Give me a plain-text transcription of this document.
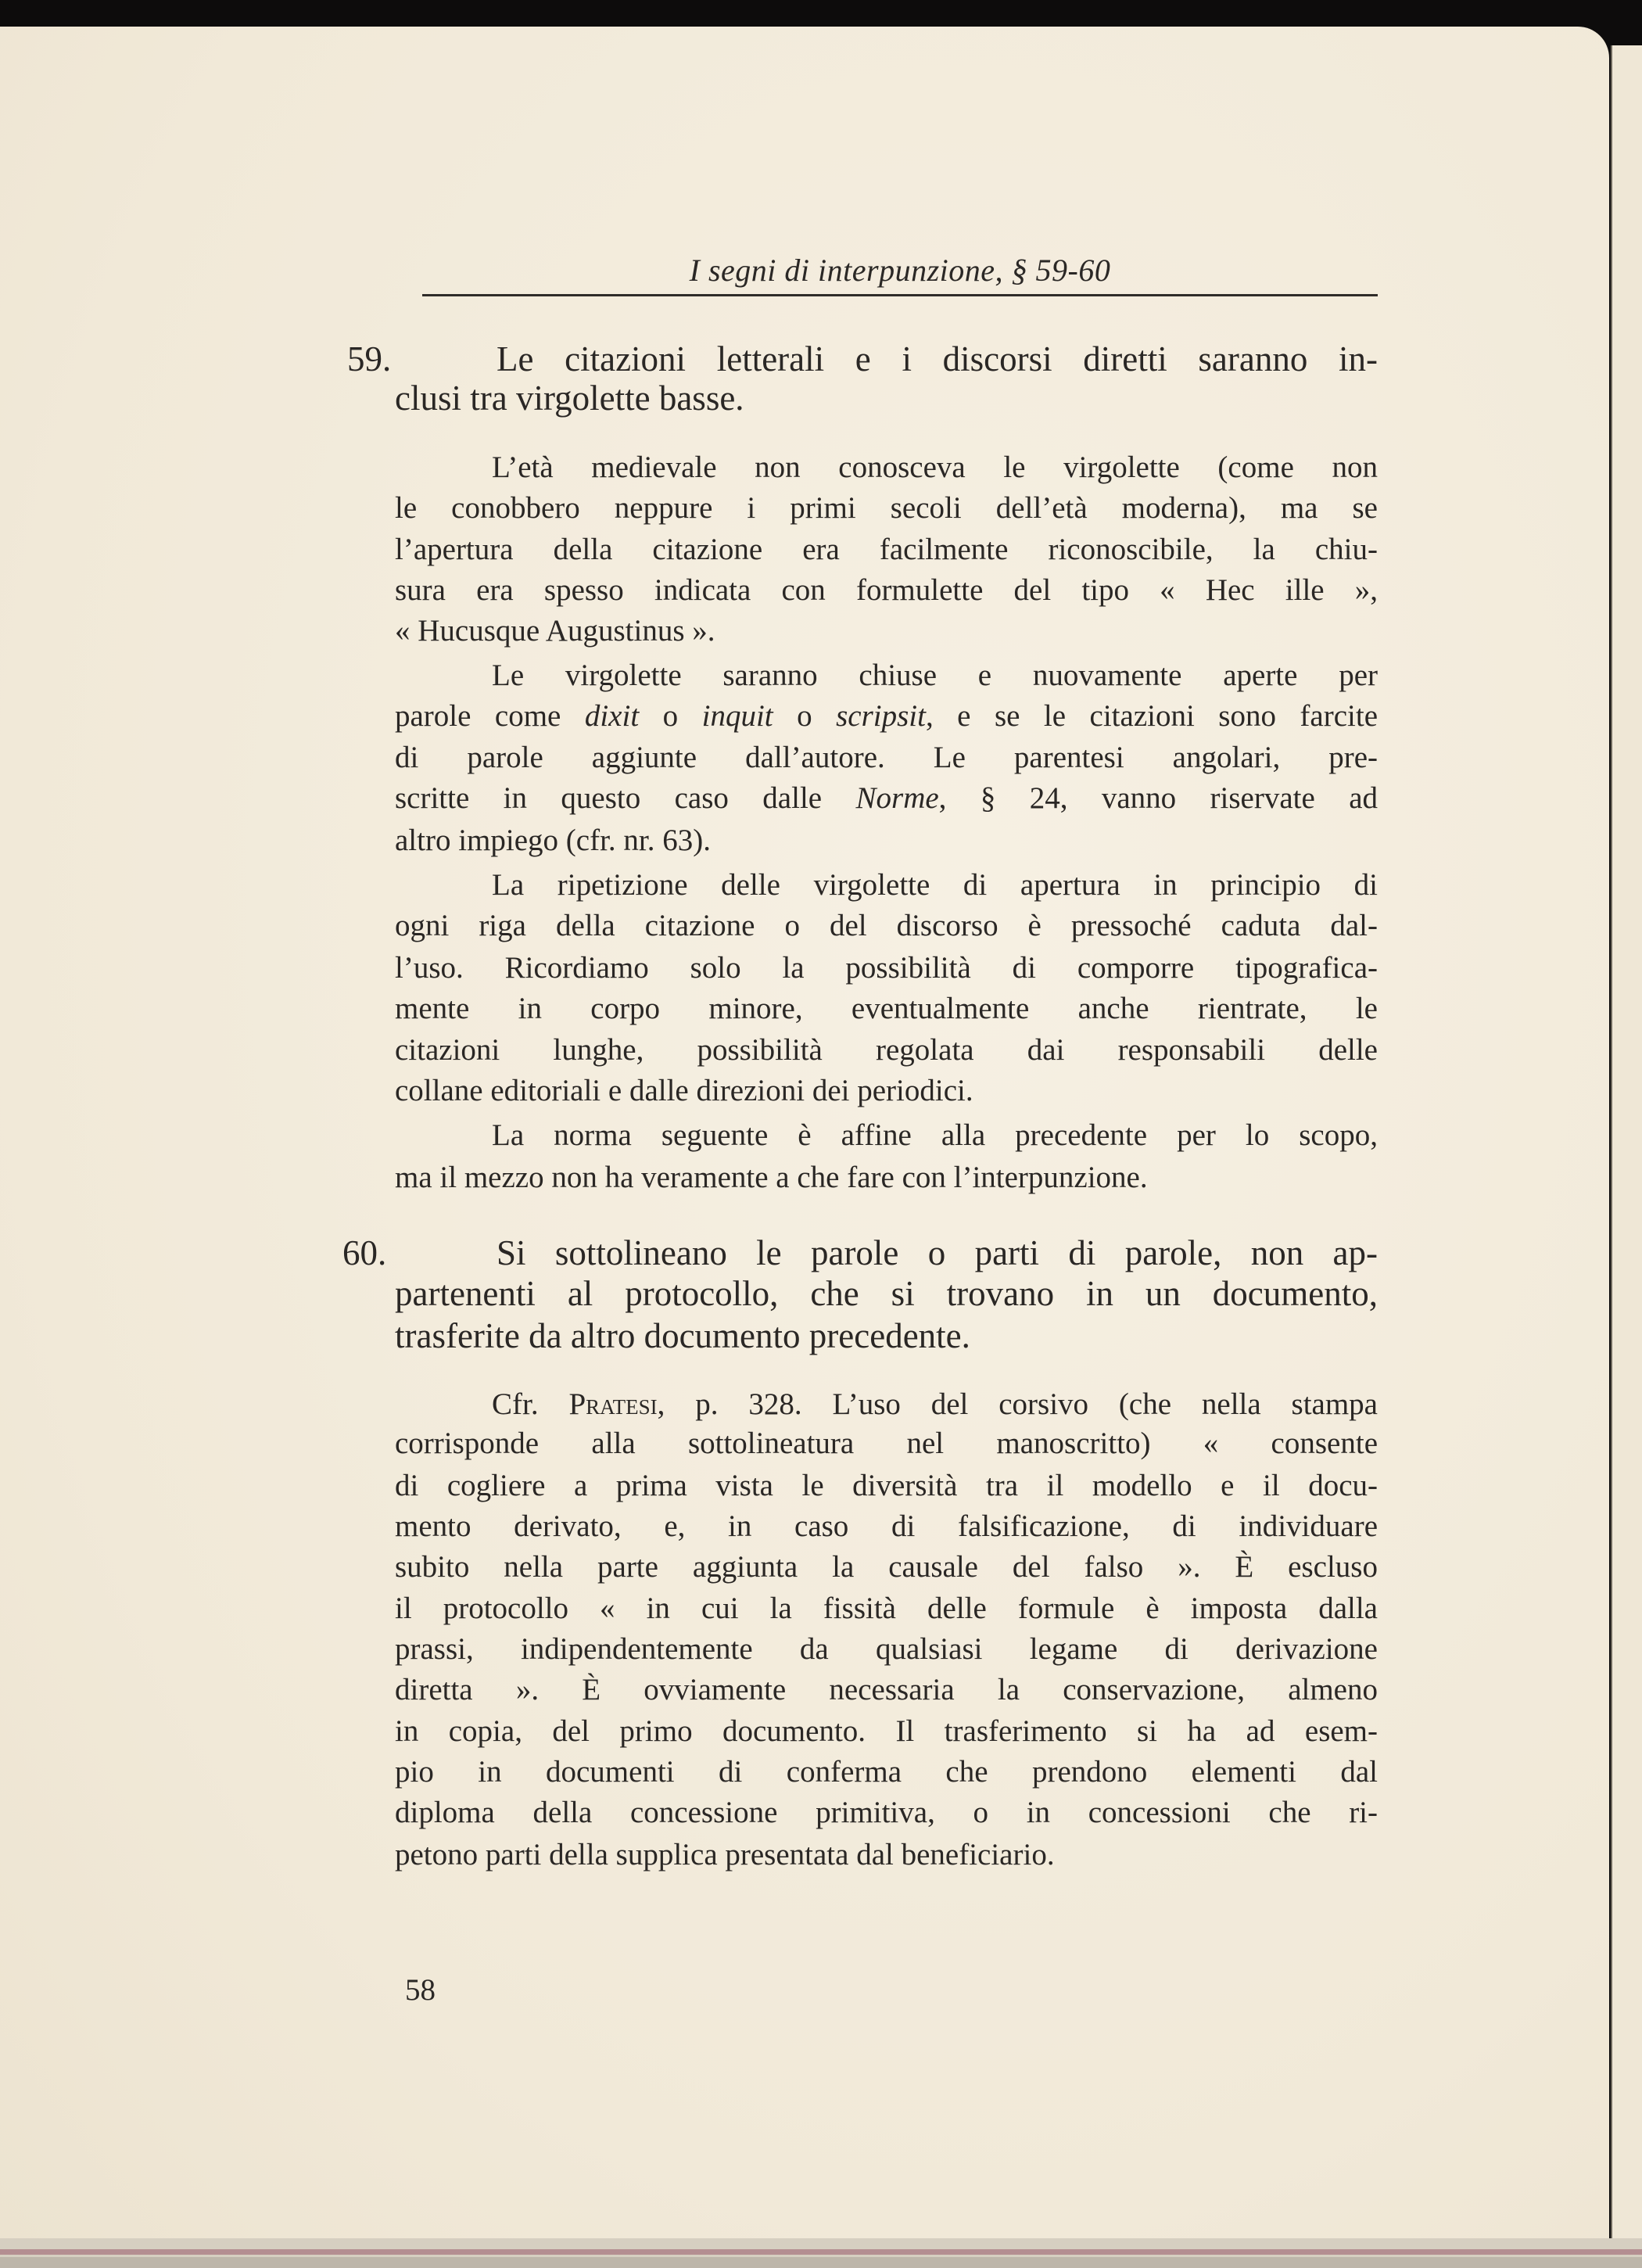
I segni di interpunzione, § 59-60
59.	Le citazioni letterali e i discorsi diretti saranno in-
clusi tra virgolette basse.
L’età medievale non conosceva le virgolette (come non
le conobbero neppure i primi secoli dell’età moderna), ma se
l’apertura della citazione era facilmente riconoscibile, la chiu-
sura era spesso indicata con formulette del tipo « Hec ille »,
« Hucusque Augustinus ».
Le virgolette saranno chiuse e nuovamente aperte per
parole come dixit o inquit o scripsit, e se le citazioni sono farcite
di parole aggiunte dall’autore. Le parentesi angolari, pre-
scritte in questo caso dalle Norme, § 24, vanno riservate ad
altro impiego (cfr. nr. 63).
La ripetizione delle virgolette di apertura in principio di
ogni riga della citazione o del discorso è pressoché caduta dal-
l’uso. Ricordiamo solo la possibilità di comporre tipografica-
mente in corpo minore, eventualmente anche rientrate, le
citazioni lunghe, possibilità regolata dai responsabili delle
collane editoriali e dalle direzioni dei periodici.
La norma seguente è affine alla precedente per lo scopo,
ma il mezzo non ha veramente a che fare con l’interpunzione.
60.	Si sottolineano le parole o parti di parole, non ap-
partenenti al protocollo, che si trovano in un documento,
trasferite da altro documento precedente.
Cfr. Pratesi, p. 328. L’uso del corsivo (che nella stampa
corrisponde alla sottolineatura nel manoscritto) « consente
di cogliere a prima vista le diversità tra il modello e il docu-
mento derivato, e, in caso di falsificazione, di individuare
subito nella parte aggiunta la causale del falso ». È escluso
il protocollo « in cui la fissità delle formule è imposta dalla
prassi, indipendentemente da qualsiasi legame di derivazione
diretta ». È ovviamente necessaria la conservazione, almeno
in copia, del primo documento. Il trasferimento si ha ad esem-
pio in documenti di conferma che prendono elementi dal
diploma della concessione primitiva, o in concessioni che ri-
petono parti della supplica presentata dal beneficiario.
58
